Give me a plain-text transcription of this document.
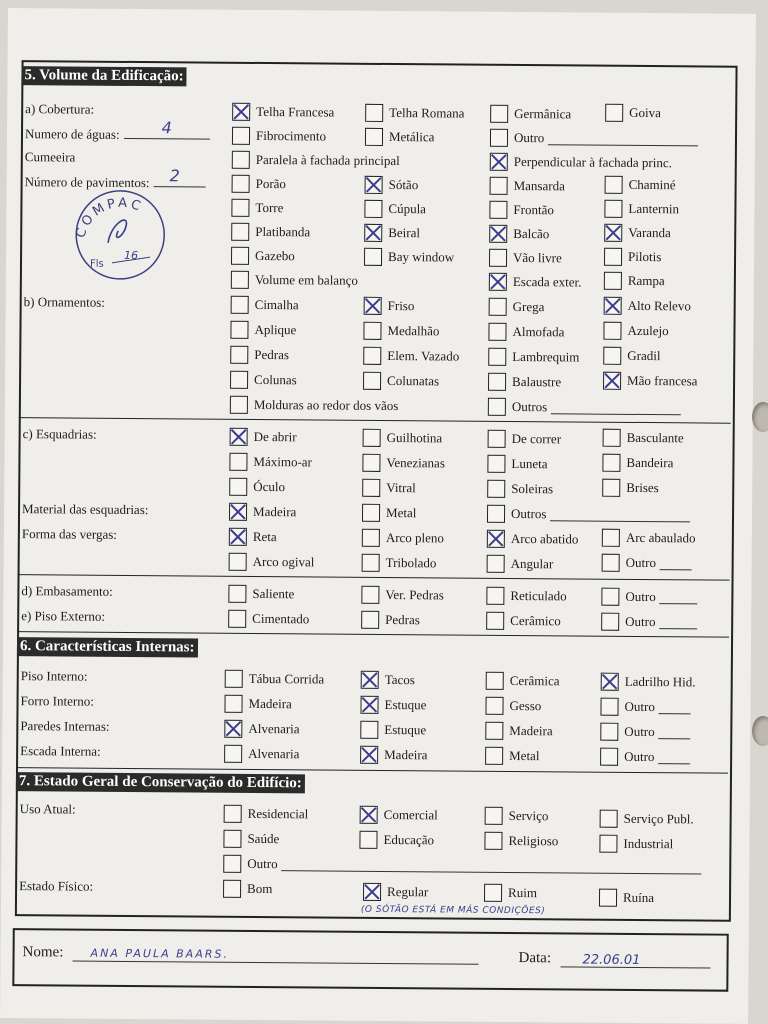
5. Volume da Edificação:
a) Cobertura:
Numero de águas:	4
Cumeeira
Número de pavimentos: 2
COMPAC
Fls
16
Telha Francesa	Telha Romana	Germânica	Goiva
Fibrocimento	Metálica	Outro
Paralela à fachada principal	Perpendicular à fachada princ.
Porão	Sótão	Mansarda	Chaminé
Torre	Cúpula	Frontão	Lanternin
Platibanda	Beiral	Balcão	Varanda
Gazebo	Bay window	Vão livre	Pilotis
Volume em balanço	Escada exter.	Rampa
b) Ornamentos:	Cimalha	Friso	Grega	Alto Relevo
Aplique	Medalhão	Almofada	Azulejo
Pedras	Elem. Vazado	Lambrequim	Gradil
Colunas	Colunatas	Balaustre	Mão francesa
Molduras ao redor dos vãos	Outros
c) Esquadrias:	De abrir	Guilhotina	De correr	Basculante
Máximo-ar	Venezianas	Luneta	Bandeira
Óculo	Vitral	Soleiras	Brises
Material das esquadrias:	Madeira	Metal	Outros
Forma das vergas:	Reta	Arco pleno	Arco abatido	Arc abaulado
Arco ogival	Tribolado	Angular	Outro
d) Embasamento:	Saliente	Ver. Pedras	Reticulado	Outro
e) Piso Externo:	Cimentado	Pedras	Cerâmico	Outro
6. Características Internas:
Piso Interno:	Tábua Corrida	Tacos	Cerâmica	Ladrilho Hid.
Forro Interno:	Madeira	Estuque	Gesso	Outro
Paredes Internas:	Alvenaria	Estuque	Madeira	Outro
Escada Interna:	Alvenaria	Madeira	Metal	Outro
7. Estado Geral de Conservação do Edifício:
Uso Atual:	Residencial	Comercial	Serviço	Serviço Publ.
Saúde	Educação	Religioso	Industrial
Outro
Estado Físico:	Bom	Regular	Ruim	Ruína
(O SÓTÃO ESTÁ EM MÁS CONDIÇÕES)
Nome: ANA PAULA BAARS.	Data: 22.06.01
